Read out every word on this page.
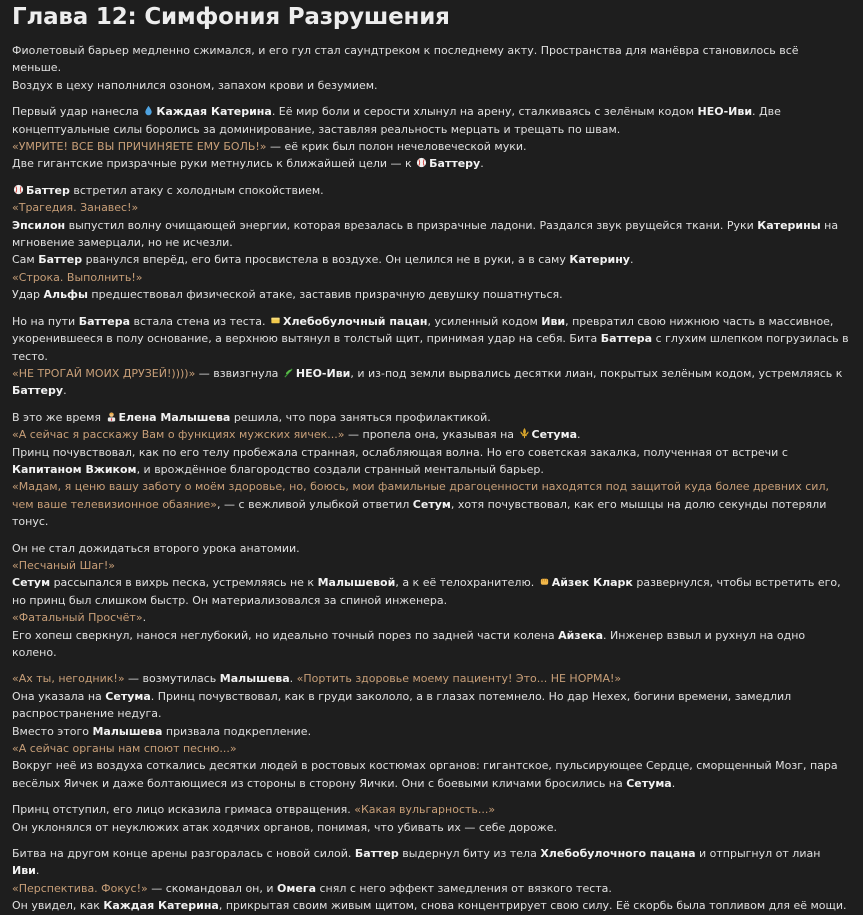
Глава 12: Симфония Разрушения

Фиолетовый барьер медленно сжимался, и его гул стал саундтреком к последнему акту. Пространства для манёвра становилось всё меньше.
Воздух в цеху наполнился озоном, запахом крови и безумием.

Первый удар нанесла Каждая Катерина. Её мир боли и серости хлынул на арену, сталкиваясь с зелёным кодом НЕО-Иви. Две концептуальные силы боролись за доминирование, заставляя реальность мерцать и трещать по швам.
«УМРИТЕ! ВСЕ ВЫ ПРИЧИНЯЕТЕ ЕМУ БОЛЬ!» — её крик был полон нечеловеческой муки.
Две гигантские призрачные руки метнулись к ближайшей цели — к Баттеру.

Баттер встретил атаку с холодным спокойствием.
«Трагедия. Занавес!»
Эпсилон выпустил волну очищающей энергии, которая врезалась в призрачные ладони. Раздался звук рвущейся ткани. Руки Катерины на мгновение замерцали, но не исчезли.
Сам Баттер рванулся вперёд, его бита просвистела в воздухе. Он целился не в руки, а в саму Катерину.
«Строка. Выполнить!»
Удар Альфы предшествовал физической атаке, заставив призрачную девушку пошатнуться.

Но на пути Баттера встала стена из теста. Хлебобулочный пацан, усиленный кодом Иви, превратил свою нижнюю часть в массивное, укоренившееся в полу основание, а верхнюю вытянул в толстый щит, принимая удар на себя. Бита Баттера с глухим шлепком погрузилась в тесто.
«НЕ ТРОГАЙ МОИХ ДРУЗЕЙ!))))» — взвизгнула НЕО-Иви, и из-под земли вырвались десятки лиан, покрытых зелёным кодом, устремляясь к Баттеру.

В это же время Елена Малышева решила, что пора заняться профилактикой.
«А сейчас я расскажу Вам о функциях мужских яичек...» — пропела она, указывая на Сетума.
Принц почувствовал, как по его телу пробежала странная, ослабляющая волна. Но его советская закалка, полученная от встречи с Капитаном Вжиком, и врождённое благородство создали странный ментальный барьер.
«Мадам, я ценю вашу заботу о моём здоровье, но, боюсь, мои фамильные драгоценности находятся под защитой куда более древних сил, чем ваше телевизионное обаяние», — с вежливой улыбкой ответил Сетум, хотя почувствовал, как его мышцы на долю секунды потеряли тонус.

Он не стал дожидаться второго урока анатомии.
«Песчаный Шаг!»
Сетум рассыпался в вихрь песка, устремляясь не к Малышевой, а к её телохранителю. Айзек Кларк развернулся, чтобы встретить его, но принц был слишком быстр. Он материализовался за спиной инженера.
«Фатальный Просчёт».
Его хопеш сверкнул, нанося неглубокий, но идеально точный порез по задней части колена Айзека. Инженер взвыл и рухнул на одно колено.

«Ах ты, негодник!» — возмутилась Малышева. «Портить здоровье моему пациенту! Это... НЕ НОРМА!»
Она указала на Сетума. Принц почувствовал, как в груди закололо, а в глазах потемнело. Но дар Нехех, богини времени, замедлил распространение недуга.
Вместо этого Малышева призвала подкрепление.
«А сейчас органы нам споют песню...»
Вокруг неё из воздуха соткались десятки людей в ростовых костюмах органов: гигантское, пульсирующее Сердце, сморщенный Мозг, пара весёлых Яичек и даже болтающиеся из стороны в сторону Яички. Они с боевыми кличами бросились на Сетума.

Принц отступил, его лицо исказила гримаса отвращения. «Какая вульгарность...»
Он уклонялся от неуклюжих атак ходячих органов, понимая, что убивать их — себе дороже.

Битва на другом конце арены разгоралась с новой силой. Баттер выдернул биту из тела Хлебобулочного пацана и отпрыгнул от лиан Иви.
«Перспектива. Фокус!» — скомандовал он, и Омега снял с него эффект замедления от вязкого теста.
Он увидел, как Каждая Катерина, прикрытая своим живым щитом, снова концентрирует свою силу. Её скорбь была топливом для её мощи.
